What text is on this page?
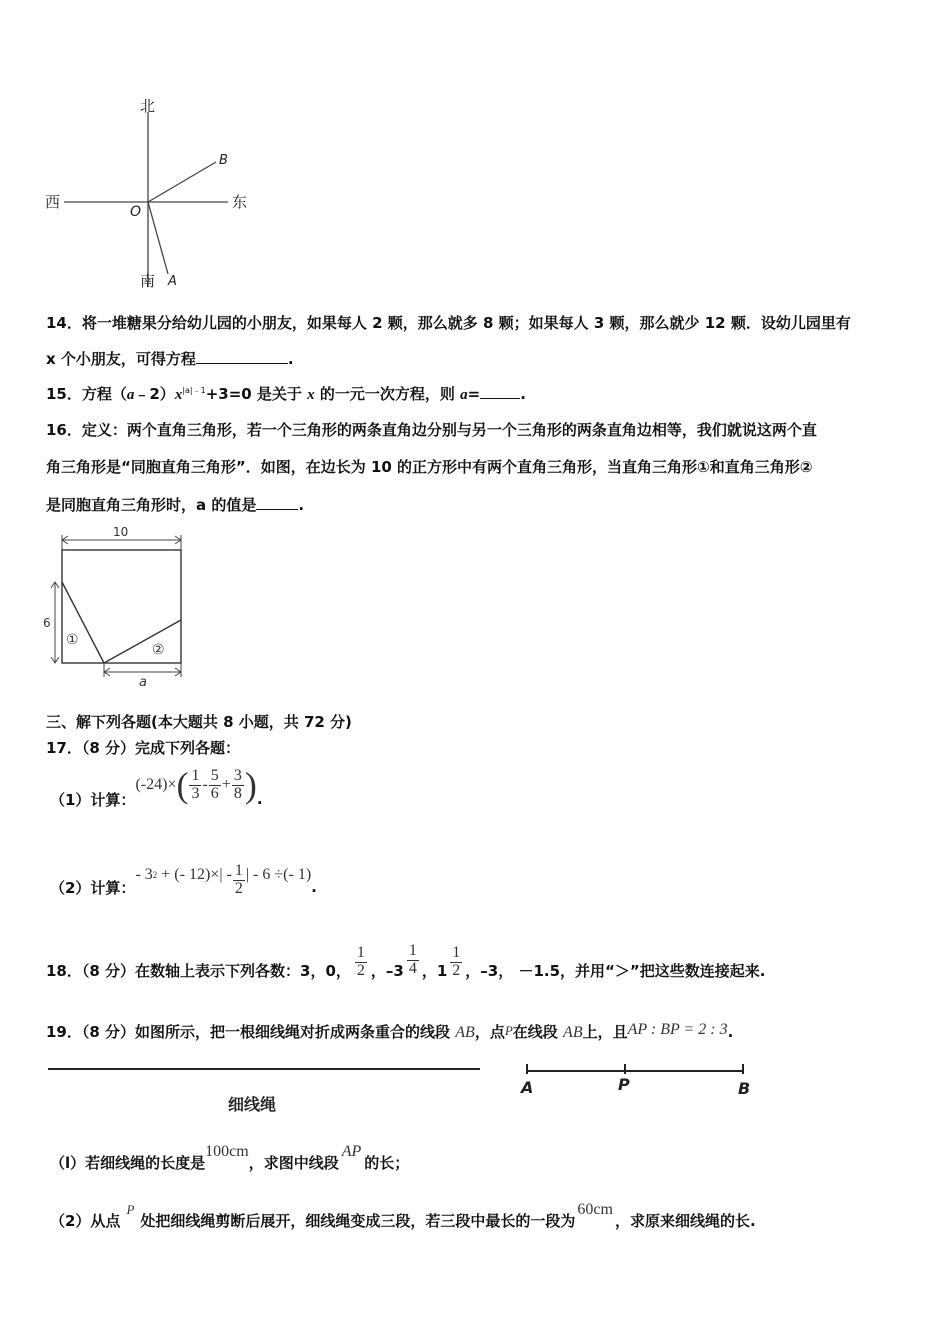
北
南
西	东
O
B
A
14．将一堆糖果分给幼儿园的小朋友，如果每人 2 颗，那么就多 8 颗；如果每人 3 颗，那么就少 12 颗．设幼儿园里有
x 个小朋友，可得方程	.
15．方程$(a﹣2)x^{|a|﹣1}+3=0$ 是关于 x 的一元一次方程，则 a=	.
16．定义：两个直角三角形，若一个三角形的两条直角边分别与另一个三角形的两条直角边相等，我们就说这两个直
角三角形是“同胞直角三角形”．如图，在边长为 10 的正方形中有两个直角三角形，当直角三角形①和直角三角形②
是同胞直角三角形时，a 的值是	.
10
6
①
②
a
三、解下列各题(本大题共 8 小题，共 72 分)
17．（8 分）完成下列各题：
（1）计算：
(-24)× ( $\frac{1}{3} - \frac{5}{6} + \frac{3}{8}$ ) .
（2）计算：
- 3 2 + (- $12)\times| - \frac{1}{2}$ | - 6 ÷(- 1)
.
18．（8 分）在数轴上表示下列各数：3，0， $\frac{1}{2}$ ，$-3 \frac{1}{4}$ ，$1 \frac{1}{2}$ ，–3， －1.5，并用“＞”把这些数连接起来.
19．（8 分）如图所示，把一根细线绳对折成两条重合的线段 AB，点P在线段 AB上，且AP : BP = 2 : 3.
细线绳
A	P	B
（l）若细线绳的长度是100cm，求图中线段AP的长；
（2）从点P处把细线绳剪断后展开，细线绳变成三段，若三段中最长的一段为60cm，求原来细线绳的长.
